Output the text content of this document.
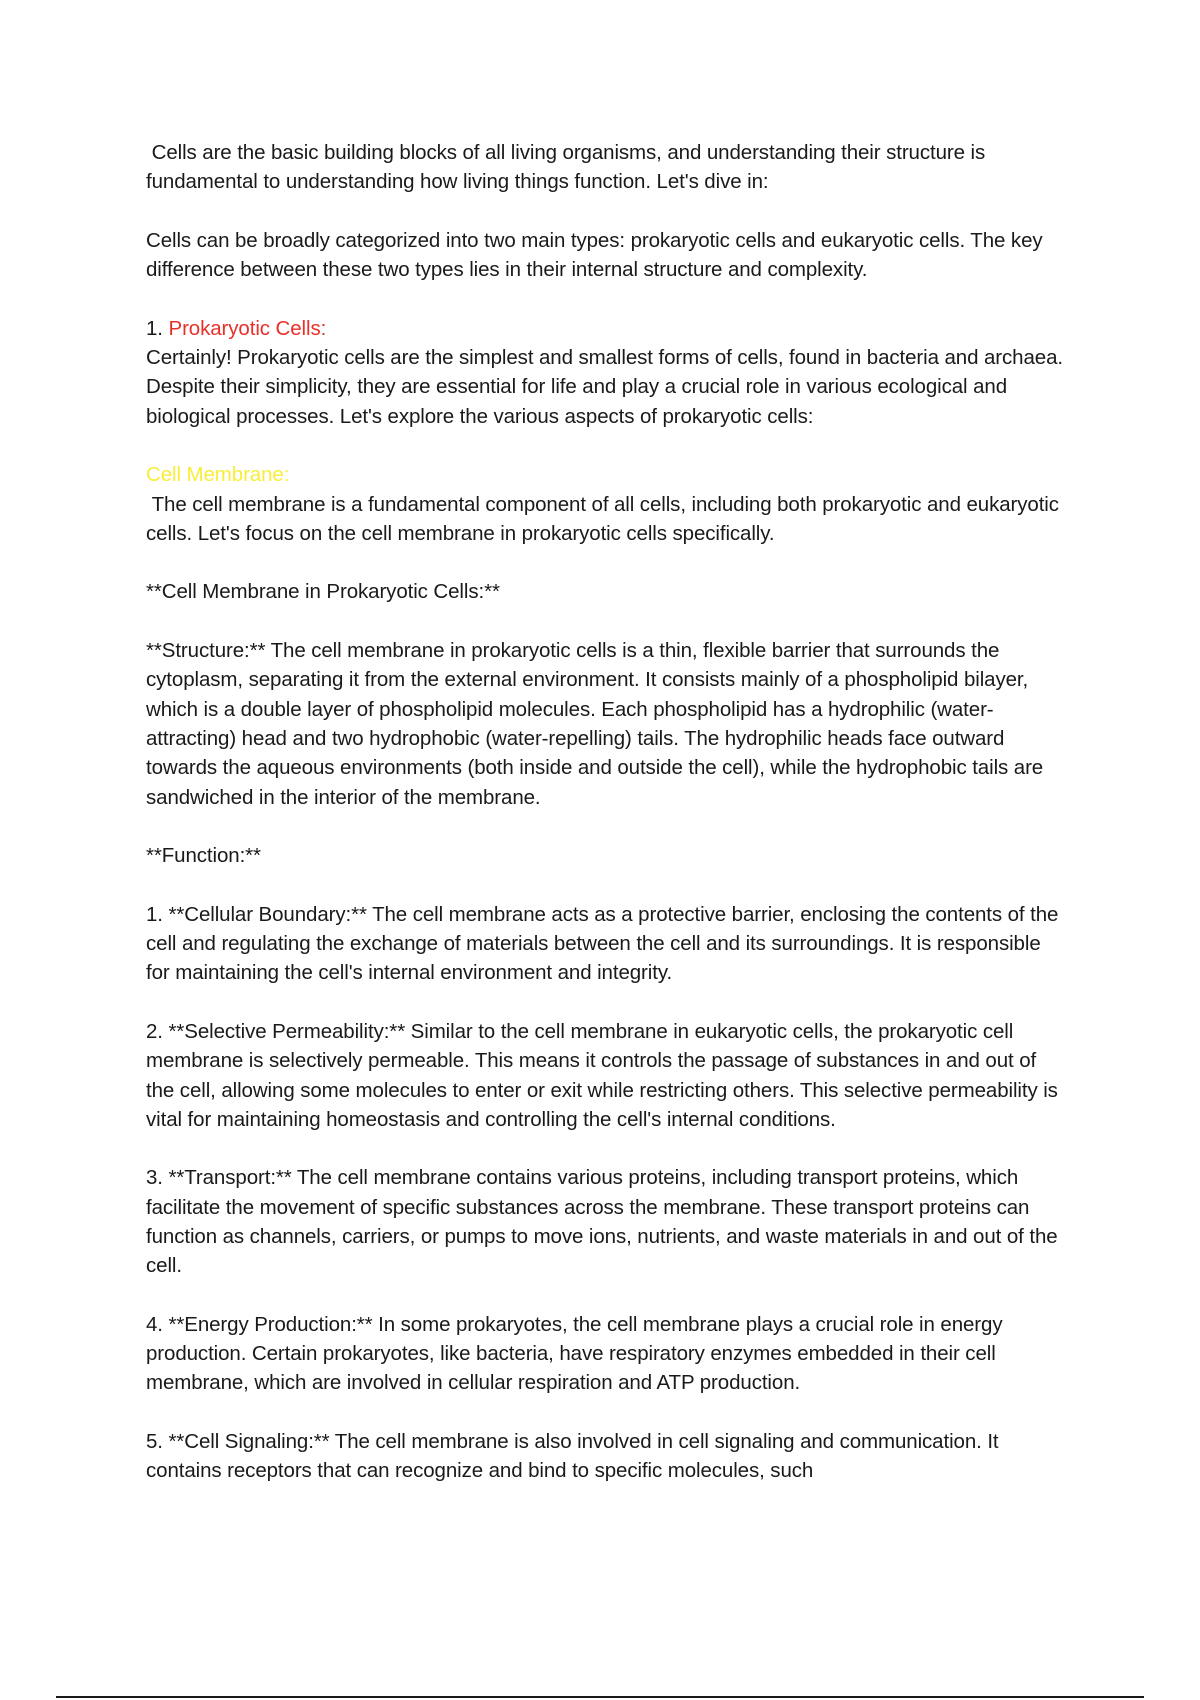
Cells are the basic building blocks of all living organisms, and understanding their structure is fundamental to understanding how living things function. Let's dive in:

Cells can be broadly categorized into two main types: prokaryotic cells and eukaryotic cells. The key difference between these two types lies in their internal structure and complexity.

1. Prokaryotic Cells:
Certainly! Prokaryotic cells are the simplest and smallest forms of cells, found in bacteria and archaea. Despite their simplicity, they are essential for life and play a crucial role in various ecological and biological processes. Let's explore the various aspects of prokaryotic cells:
Cell Membrane:
The cell membrane is a fundamental component of all cells, including both prokaryotic and eukaryotic cells. Let's focus on the cell membrane in prokaryotic cells specifically.

**Cell Membrane in Prokaryotic Cells:**

**Structure:** The cell membrane in prokaryotic cells is a thin, flexible barrier that surrounds the cytoplasm, separating it from the external environment. It consists mainly of a phospholipid bilayer, which is a double layer of phospholipid molecules. Each phospholipid has a hydrophilic (water-attracting) head and two hydrophobic (water-repelling) tails. The hydrophilic heads face outward towards the aqueous environments (both inside and outside the cell), while the hydrophobic tails are sandwiched in the interior of the membrane.

**Function:**

1. **Cellular Boundary:** The cell membrane acts as a protective barrier, enclosing the contents of the cell and regulating the exchange of materials between the cell and its surroundings. It is responsible for maintaining the cell's internal environment and integrity.

2. **Selective Permeability:** Similar to the cell membrane in eukaryotic cells, the prokaryotic cell membrane is selectively permeable. This means it controls the passage of substances in and out of the cell, allowing some molecules to enter or exit while restricting others. This selective permeability is vital for maintaining homeostasis and controlling the cell's internal conditions.

3. **Transport:** The cell membrane contains various proteins, including transport proteins, which facilitate the movement of specific substances across the membrane. These transport proteins can function as channels, carriers, or pumps to move ions, nutrients, and waste materials in and out of the cell.

4. **Energy Production:** In some prokaryotes, the cell membrane plays a crucial role in energy production. Certain prokaryotes, like bacteria, have respiratory enzymes embedded in their cell membrane, which are involved in cellular respiration and ATP production.

5. **Cell Signaling:** The cell membrane is also involved in cell signaling and communication. It contains receptors that can recognize and bind to specific molecules, such
